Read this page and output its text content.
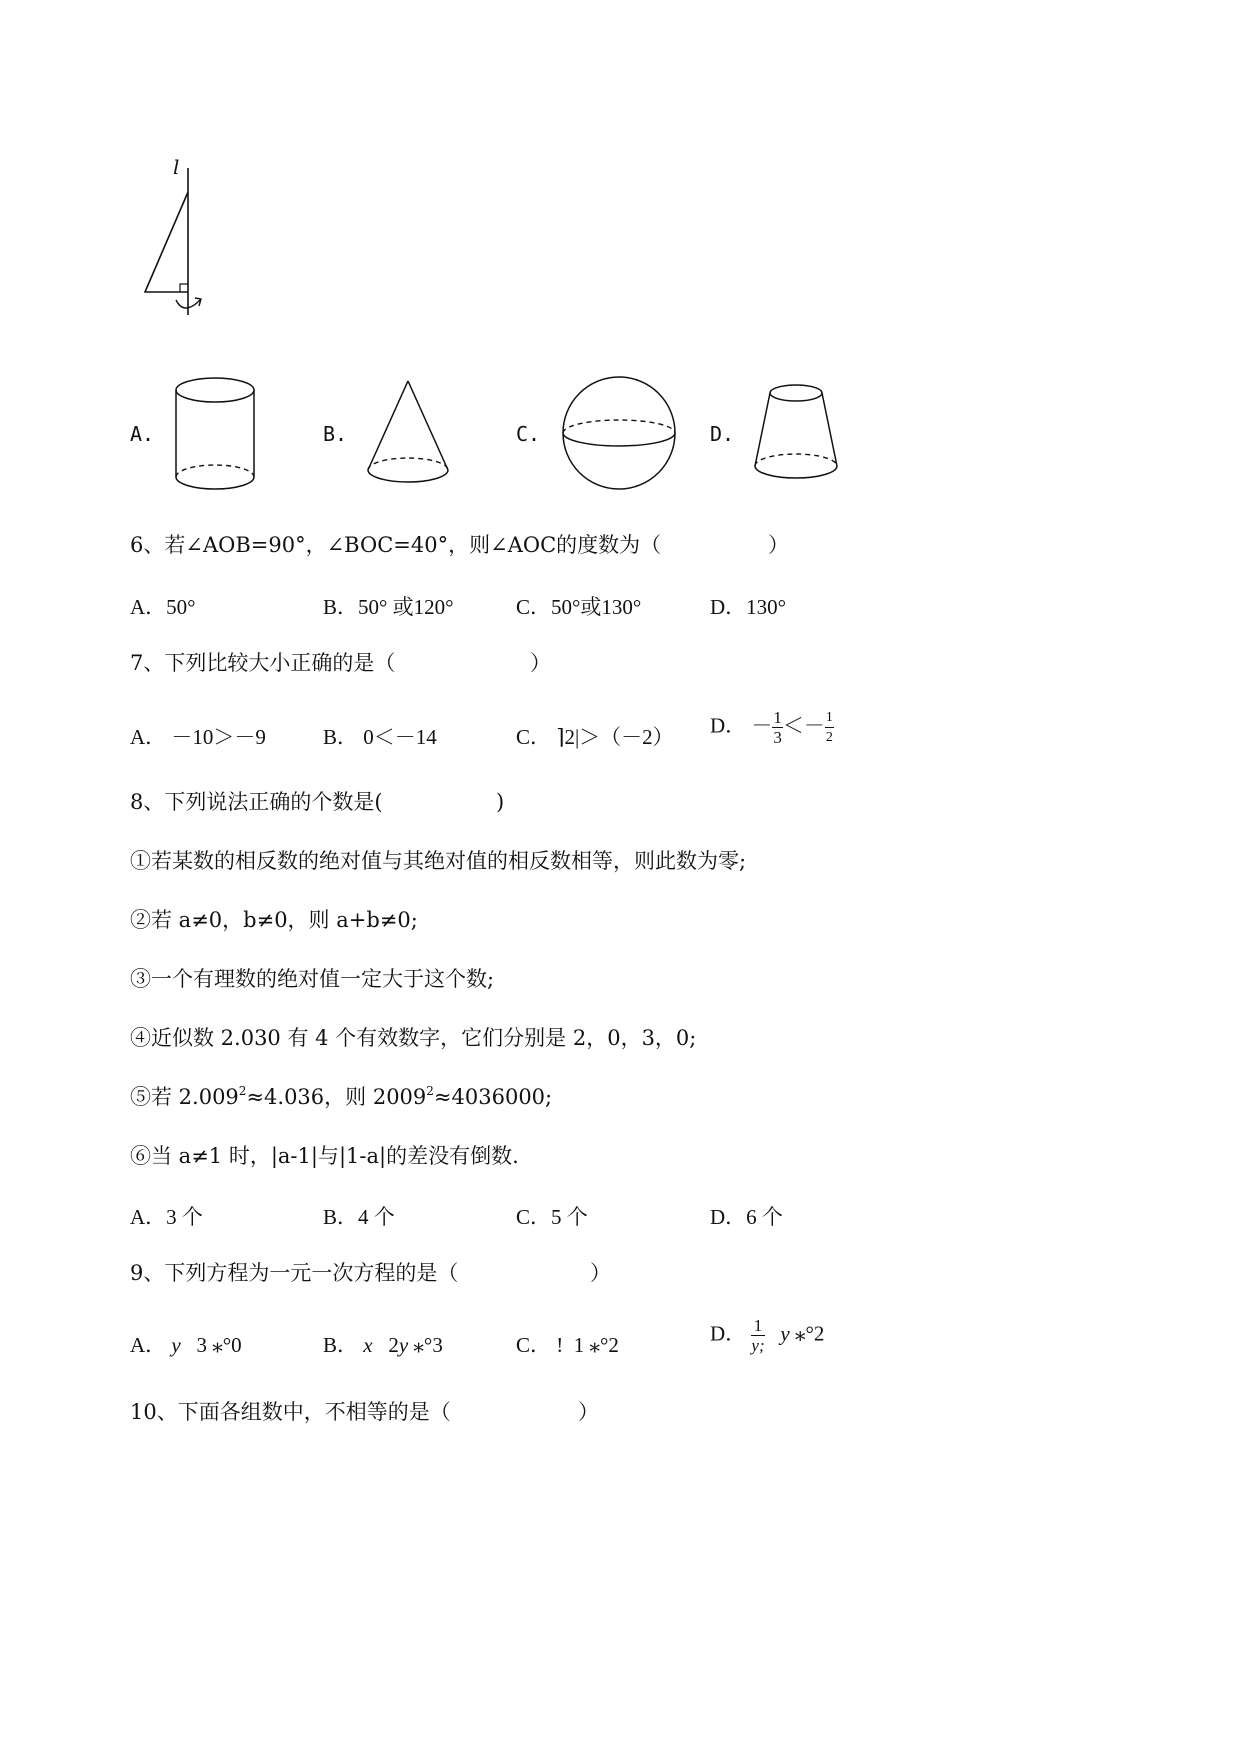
l
A.	B.	C.	D.
6、若∠AOB=90°，∠BOC=40°，则∠AOC的度数为（	）
A．50°	B．50° 或120°	C．50°或130°	D．130°
7、下列比较大小正确的是（	）
A． －10＞－9	B． 0＜－14	C． ⌉2|＞（－2） D． － $\frac{1}{3} <- \frac{1}{2}$
8、下列说法正确的个数是(	)
①若某数的相反数的绝对值与其绝对值的相反数相等，则此数为零;
②若 a≠0，b≠0，则 a+b≠0;
③一个有理数的绝对值一定大于这个数;
④近似数 2.030 有 4 个有效数字，它们分别是 2，0，3，0;
⑤若 $2.009^2\approx 4.036$，则 $2009^2\approx 4036000$;
⑥当 a≠1 时，|a-1|与|1-a|的差没有倒数.
A．3 个	B．4 个	C．5 个	D．6 个
9、下列方程为一元一次方程的是（	）
A． y 3 ⁎°0	B． x 2y ⁎°3	C． ! 1 ⁎°2	D． $\frac{1}{y;}$ y ⁎°2
10、下面各组数中，不相等的是（	）
